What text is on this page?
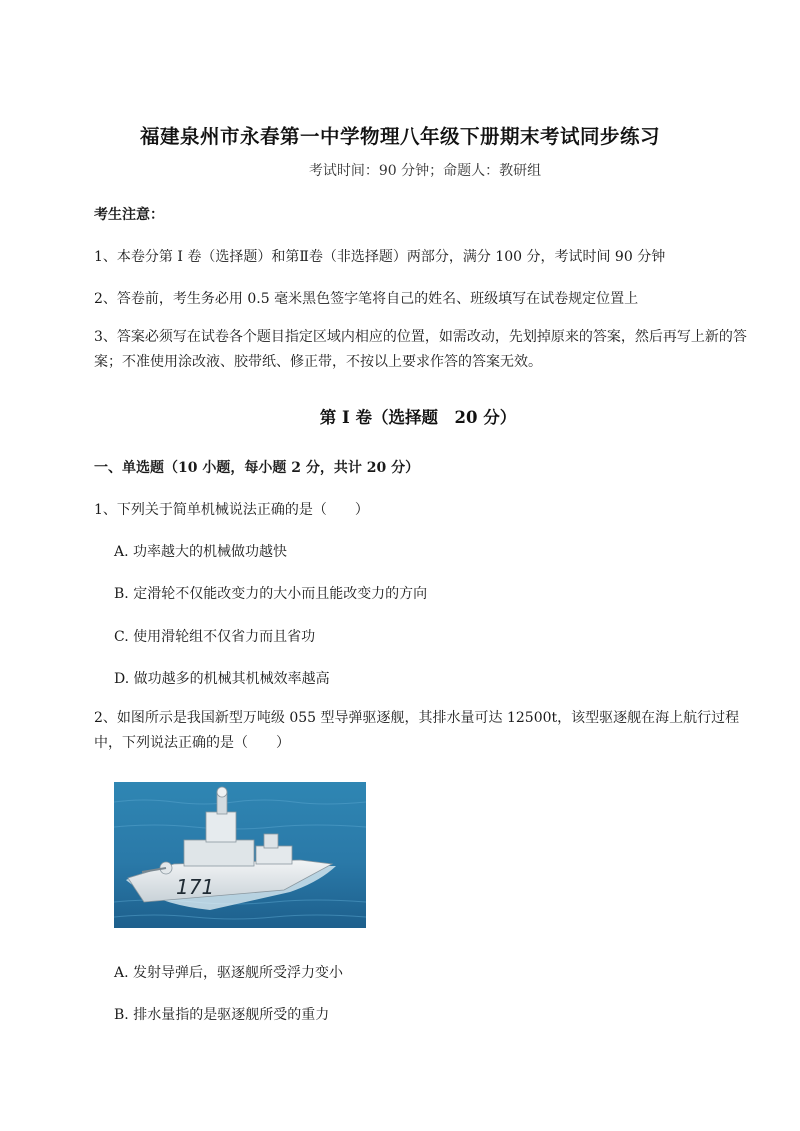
福建泉州市永春第一中学物理八年级下册期末考试同步练习
考试时间：90 分钟；命题人：教研组
考生注意：
1、本卷分第 I 卷（选择题）和第Ⅱ卷（非选择题）两部分，满分 100 分，考试时间 90 分钟
2、答卷前，考生务必用 0.5 毫米黑色签字笔将自己的姓名、班级填写在试卷规定位置上
3、答案必须写在试卷各个题目指定区域内相应的位置，如需改动，先划掉原来的答案，然后再写上新的答案；不准使用涂改液、胶带纸、修正带，不按以上要求作答的答案无效。
第 I 卷（选择题　20 分）
一、单选题（10 小题，每小题 2 分，共计 20 分）
1、下列关于简单机械说法正确的是（　　）
A. 功率越大的机械做功越快
B. 定滑轮不仅能改变力的大小而且能改变力的方向
C. 使用滑轮组不仅省力而且省功
D. 做功越多的机械其机械效率越高
2、如图所示是我国新型万吨级 055 型导弹驱逐舰，其排水量可达 12500t，该型驱逐舰在海上航行过程中，下列说法正确的是（　　）
171
A. 发射导弹后，驱逐舰所受浮力变小
B. 排水量指的是驱逐舰所受的重力
